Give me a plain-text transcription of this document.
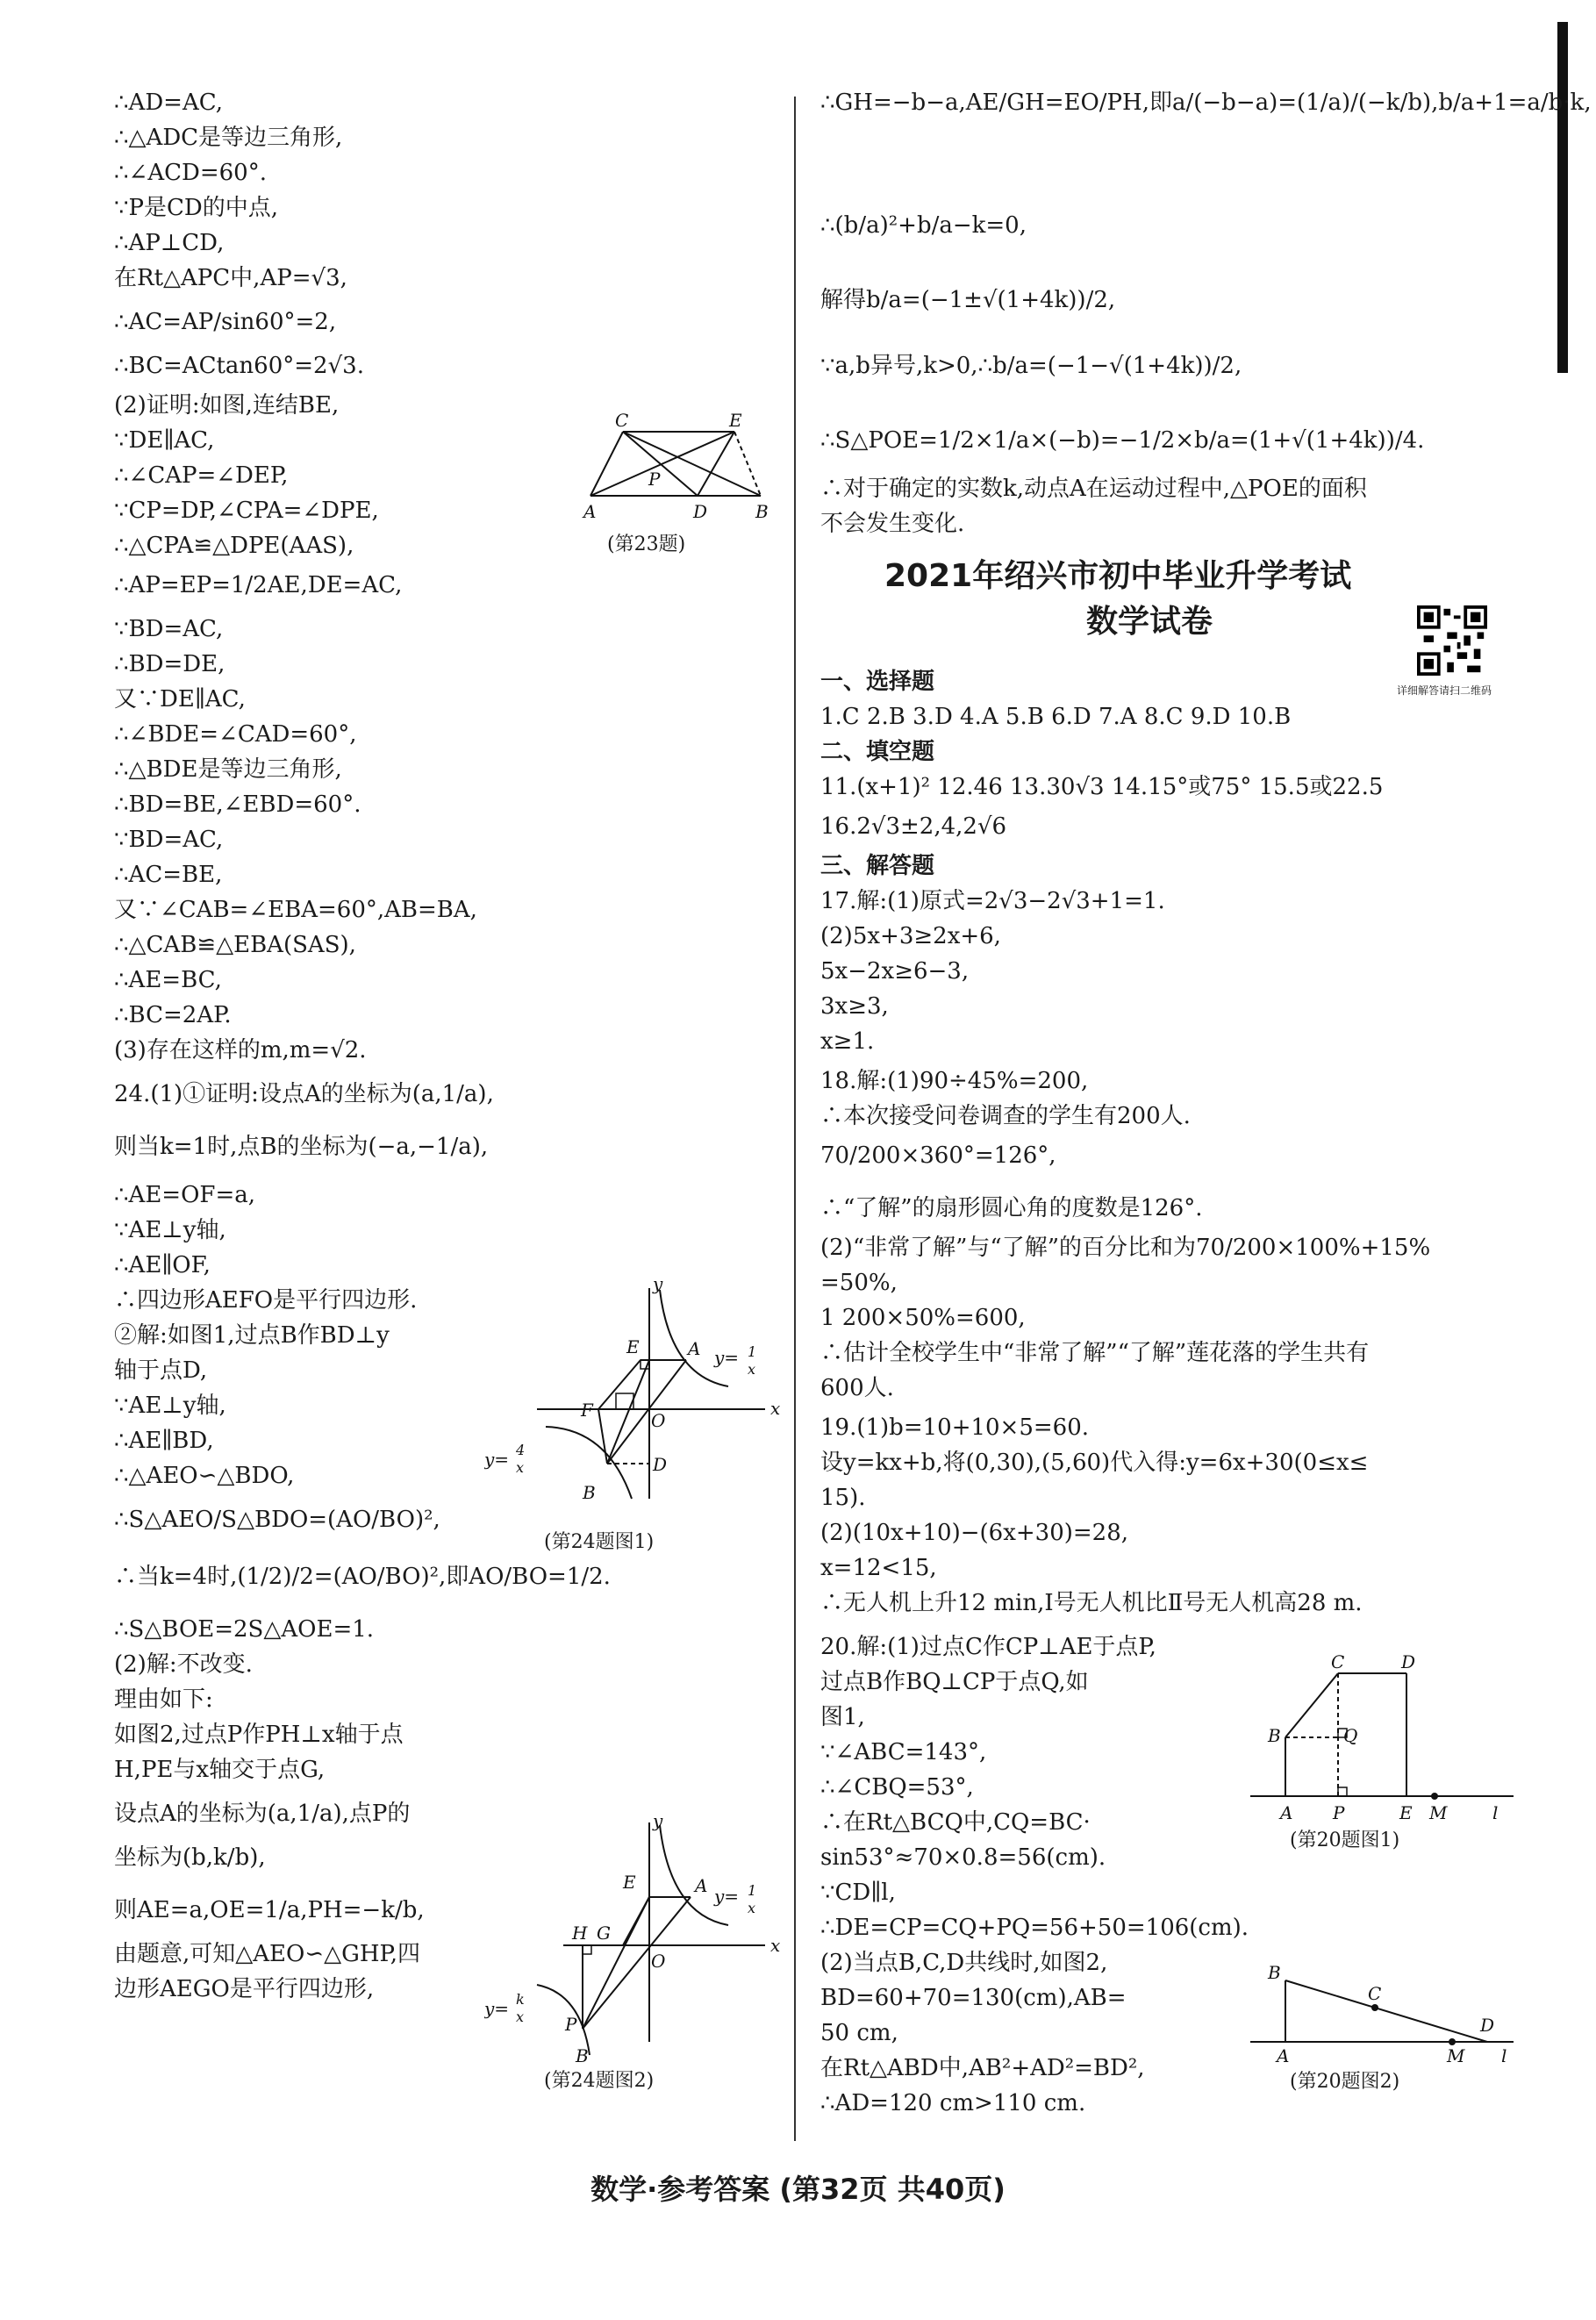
∴AD=AC,
∴△ADC是等边三角形,
∴∠ACD=60°.
∵P是CD的中点,
∴AP⊥CD,
在Rt△APC中,AP=√3,
∴AC=AP/sin60°=2,
∴BC=ACtan60°=2√3.
(2)证明:如图,连结BE,
∵DE∥AC,
∴∠CAP=∠DEP,
∵CP=DP,∠CPA=∠DPE,
∴△CPA≌△DPE(AAS),
∴AP=EP=1/2AE,DE=AC,
∵BD=AC,
∴BD=DE,
又∵DE∥AC,
∴∠BDE=∠CAD=60°,
∴△BDE是等边三角形,
∴BD=BE,∠EBD=60°.
∵BD=AC,
∴AC=BE,
又∵∠CAB=∠EBA=60°,AB=BA,
∴△CAB≌△EBA(SAS),
∴AE=BC,
∴BC=2AP.
(3)存在这样的m,m=√2.
24.(1)①证明:设点A的坐标为(a,1/a),
则当k=1时,点B的坐标为(−a,−1/a),
∴AE=OF=a,
∵AE⊥y轴,
∴AE∥OF,
∴四边形AEFO是平行四边形.
②解:如图1,过点B作BD⊥y
轴于点D,
∵AE⊥y轴,
∴AE∥BD,
∴△AEO∽△BDO,
∴S△AEO/S△BDO=(AO/BO)²,
∴当k=4时,(1/2)/2=(AO/BO)²,即AO/BO=1/2.
∴S△BOE=2S△AOE=1.
(2)解:不改变.
理由如下:
如图2,过点P作PH⊥x轴于点
H,PE与x轴交于点G,
设点A的坐标为(a,1/a),点P的
坐标为(b,k/b),
则AE=a,OE=1/a,PH=−k/b,
由题意,可知△AEO∽△GHP,四
边形AEGO是平行四边形,
∴GH=−b−a,AE/GH=EO/PH,即a/(−b−a)=(1/a)/(−k/b),b/a+1=a/b·k,
∴(b/a)²+b/a−k=0,
解得b/a=(−1±√(1+4k))/2,
∵a,b异号,k>0,∴b/a=(−1−√(1+4k))/2,
∴S△POE=1/2×1/a×(−b)=−1/2×b/a=(1+√(1+4k))/4.
∴对于确定的实数k,动点A在运动过程中,△POE的面积
不会发生变化.
一、选择题
1.C 2.B 3.D 4.A 5.B 6.D 7.A 8.C 9.D 10.B
二、填空题
11.(x+1)² 12.46 13.30√3 14.15°或75° 15.5或22.5
16.2√3±2,4,2√6
三、解答题
17.解:(1)原式=2√3−2√3+1=1.
(2)5x+3≥2x+6,
5x−2x≥6−3,
3x≥3,
x≥1.
18.解:(1)90÷45%=200,
∴本次接受问卷调查的学生有200人.
70/200×360°=126°,
∴“了解”的扇形圆心角的度数是126°.
(2)“非常了解”与“了解”的百分比和为70/200×100%+15%
=50%,
1 200×50%=600,
∴估计全校学生中“非常了解”“了解”莲花落的学生共有
600人.
19.(1)b=10+10×5=60.
设y=kx+b,将(0,30),(5,60)代入得:y=6x+30(0≤x≤
15).
(2)(10x+10)−(6x+30)=28,
x=12<15,
∴无人机上升12 min,Ⅰ号无人机比Ⅱ号无人机高28 m.
20.解:(1)过点C作CP⊥AE于点P,
过点B作BQ⊥CP于点Q,如
图1,
∵∠ABC=143°,
∴∠CBQ=53°,
∴在Rt△BCQ中,CQ=BC·
sin53°≈70×0.8=56(cm).
∵CD∥l,
∴DE=CP=CQ+PQ=56+50=106(cm).
(2)当点B,C,D共线时,如图2,
BD=60+70=130(cm),AB=
50 cm,
在Rt△ABD中,AB²+AD²=BD²,
∴AD=120 cm>110 cm.
2021年绍兴市初中毕业升学考试
数学试卷
详细解答请扫二维码
C	E
P
A	D	B
(第23题)
y
x
E	A
F	O
D
B
y= 1
x
y= 4
x
(第24题图1)
y
x
E	A
H G
O
P
B
y= 1
x
y= k
x
(第24题图2)
C	D
B	Q
A P	E M	l
(第20题图1)
B
C
D
A	M l
(第20题图2)
数学·参考答案 (第32页 共40页)
